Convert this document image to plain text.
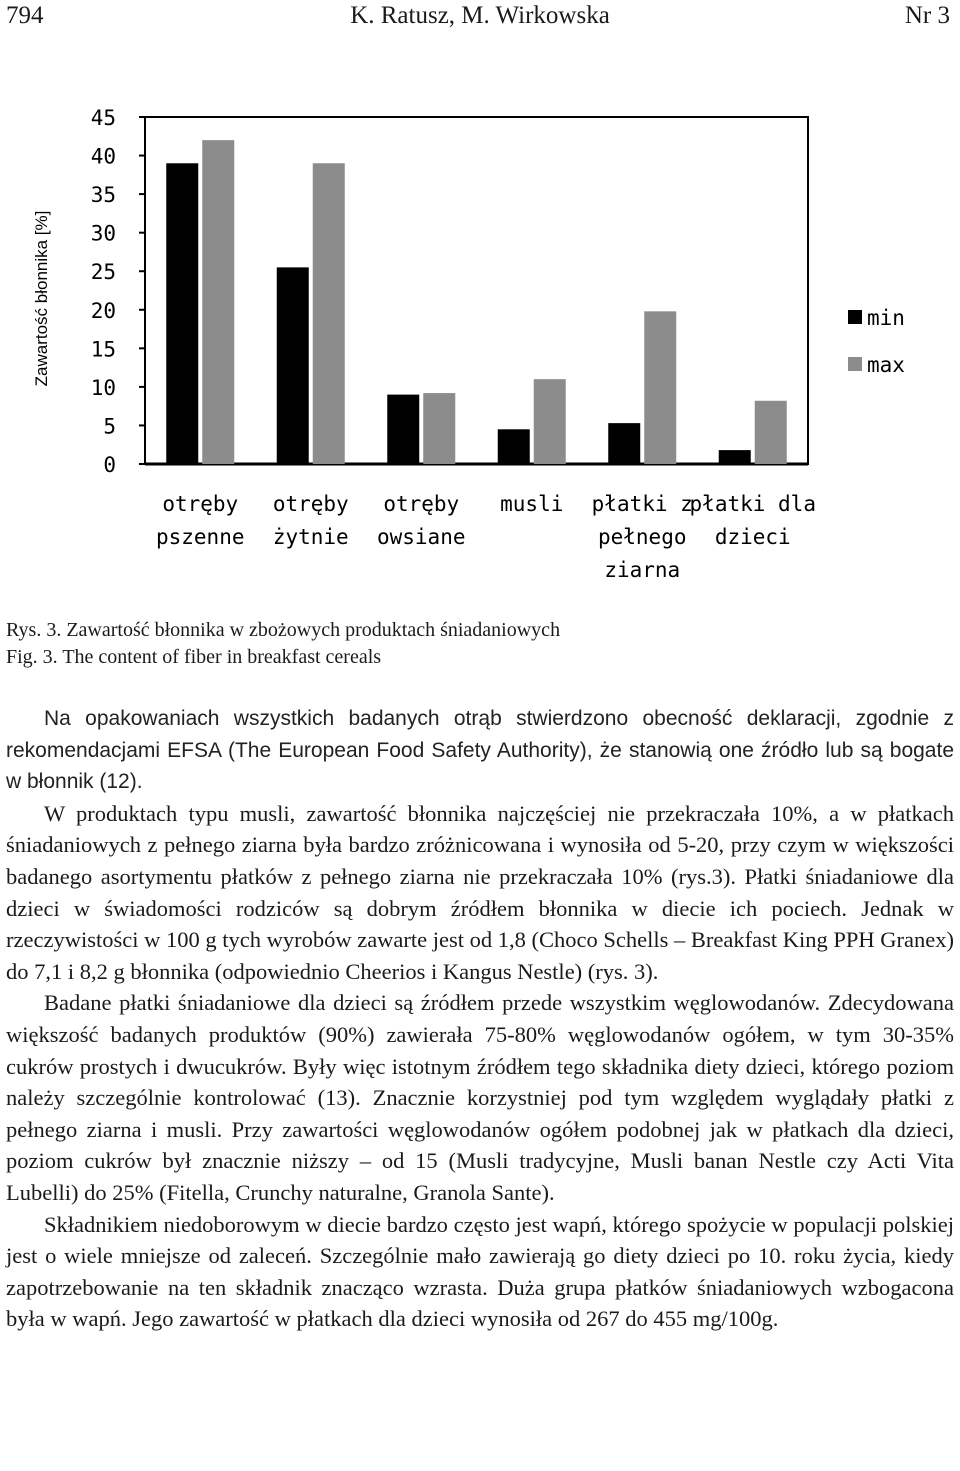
794	K. Ratusz, M. Wirkowska	Nr 3
0
5
10
15
20
25
30
35
40
45
Zawartość błonnika [%]
otręby
pszenne
otręby
żytnie
otręby
owsiane
musli płatki z
pełnego
ziarna
płatki dla
dzieci
min
max
Rys. 3. Zawartość błonnika w zbożowych produktach śniadaniowych
Fig. 3. The content of fiber in breakfast cereals

Na opakowaniach wszystkich badanych otrąb stwierdzono obecność deklaracji, zgodnie z rekomendacjami EFSA (The European Food Safety Authority), że stanowią one źródło lub są bogate w błonnik (12).

W produktach typu musli, zawartość błonnika najczęściej nie przekraczała 10%, a w płatkach śniadaniowych z pełnego ziarna była bardzo zróżnicowana i wynosiła od 5-20, przy czym w większości badanego asortymentu płatków z pełnego ziarna nie przekraczała 10% (rys.3). Płatki śniadaniowe dla dzieci w świadomości rodziców są dobrym źródłem błonnika w diecie ich pociech. Jednak w rzeczywistości w 100 g tych wyrobów zawarte jest od 1,8 (Choco Schells – Breakfast King PPH Granex) do 7,1 i 8,2 g błonnika (odpowiednio Cheerios i Kangus Nestle) (rys. 3).

Badane płatki śniadaniowe dla dzieci są źródłem przede wszystkim węglowodanów. Zdecydowana większość badanych produktów (90%) zawierała 75-80% węglowodanów ogółem, w tym 30-35% cukrów prostych i dwucukrów. Były więc istotnym źródłem tego składnika diety dzieci, którego poziom należy szczególnie kontrolować (13). Znacznie korzystniej pod tym względem wyglądały płatki z pełnego ziarna i musli. Przy zawartości węglowodanów ogółem podobnej jak w płatkach dla dzieci, poziom cukrów był znacznie niższy – od 15 (Musli tradycyjne, Musli banan Nestle czy Acti Vita Lubelli) do 25% (Fitella, Crunchy naturalne, Granola Sante).

Składnikiem niedoborowym w diecie bardzo często jest wapń, którego spożycie w populacji polskiej jest o wiele mniejsze od zaleceń. Szczególnie mało zawierają go diety dzieci po 10. roku życia, kiedy zapotrzebowanie na ten składnik znacząco wzrasta. Duża grupa płatków śniadaniowych wzbogacona była w wapń. Jego zawartość w płatkach dla dzieci wynosiła od 267 do 455 mg/100g.
